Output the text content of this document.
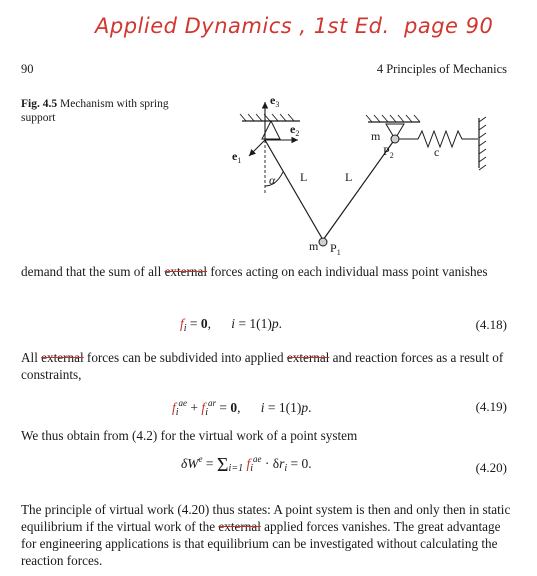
Applied Dynamics , 1st Ed. page 90
90	4 Principles of Mechanics
Fig. 4.5 Mechanism with spring support
$e_3$
$e_2$
$e_1$
α L	L
m $P_1$
m
$P_2$	c
demand that the sum of all external forces acting on each individual mass point vanishes
$f_i = 0$,      i = 1(1)p.	(4.18)
All external forces can be subdivided into applied external and reaction forces as a result of constraints,
$f_i^{ae} + f_i^{ar} = 0$,      i = 1(1)p.	(4.19)
We thus obtain from (4.2) for the virtual work of a point system
$\delta W^e = \Sigma_{i=1}$ $f_i^{ae} \cdot \delta r_i = 0$.	(4.20)
The principle of virtual work (4.20) thus states: A point system is then and only then in static equilibrium if the virtual work of the external applied forces vanishes. The great advantage for engineering applications is that equilibrium can be investigated without calculating the reaction forces.
